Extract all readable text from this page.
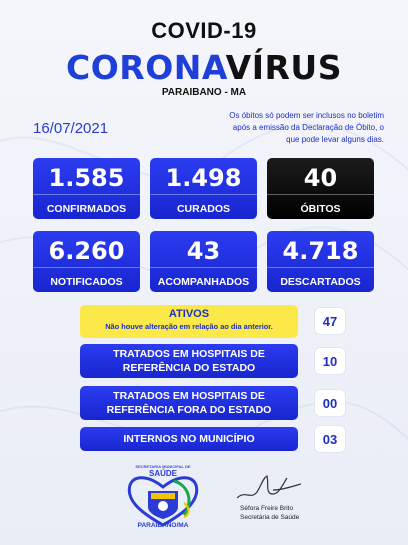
COVID-19
CORONAVÍRUS
PARAIBANO - MA
16/07/2021
Os óbitos só podem ser inclusos no boletim após a emissão da Declaração de Óbito, o que pode levar alguns dias.
1.585
CONFIRMADOS
1.498
CURADOS
40
ÓBITOS
6.260
NOTIFICADOS
43
ACOMPANHADOS
4.718
DESCARTADOS
ATIVOS
Não houve alteração em relação ao dia anterior.	47
TRATADOS EM HOSPITAIS DE REFERÊNCIA DO ESTADO	10
TRATADOS EM HOSPITAIS DE REFERÊNCIA FORA DO ESTADO	00
INTERNOS NO MUNICÍPIO	03
SECRETARIA MUNICIPAL DE
SAÚDE
PARAIBANO/MA
Séfora Freire Brito
Secretária de Saúde
